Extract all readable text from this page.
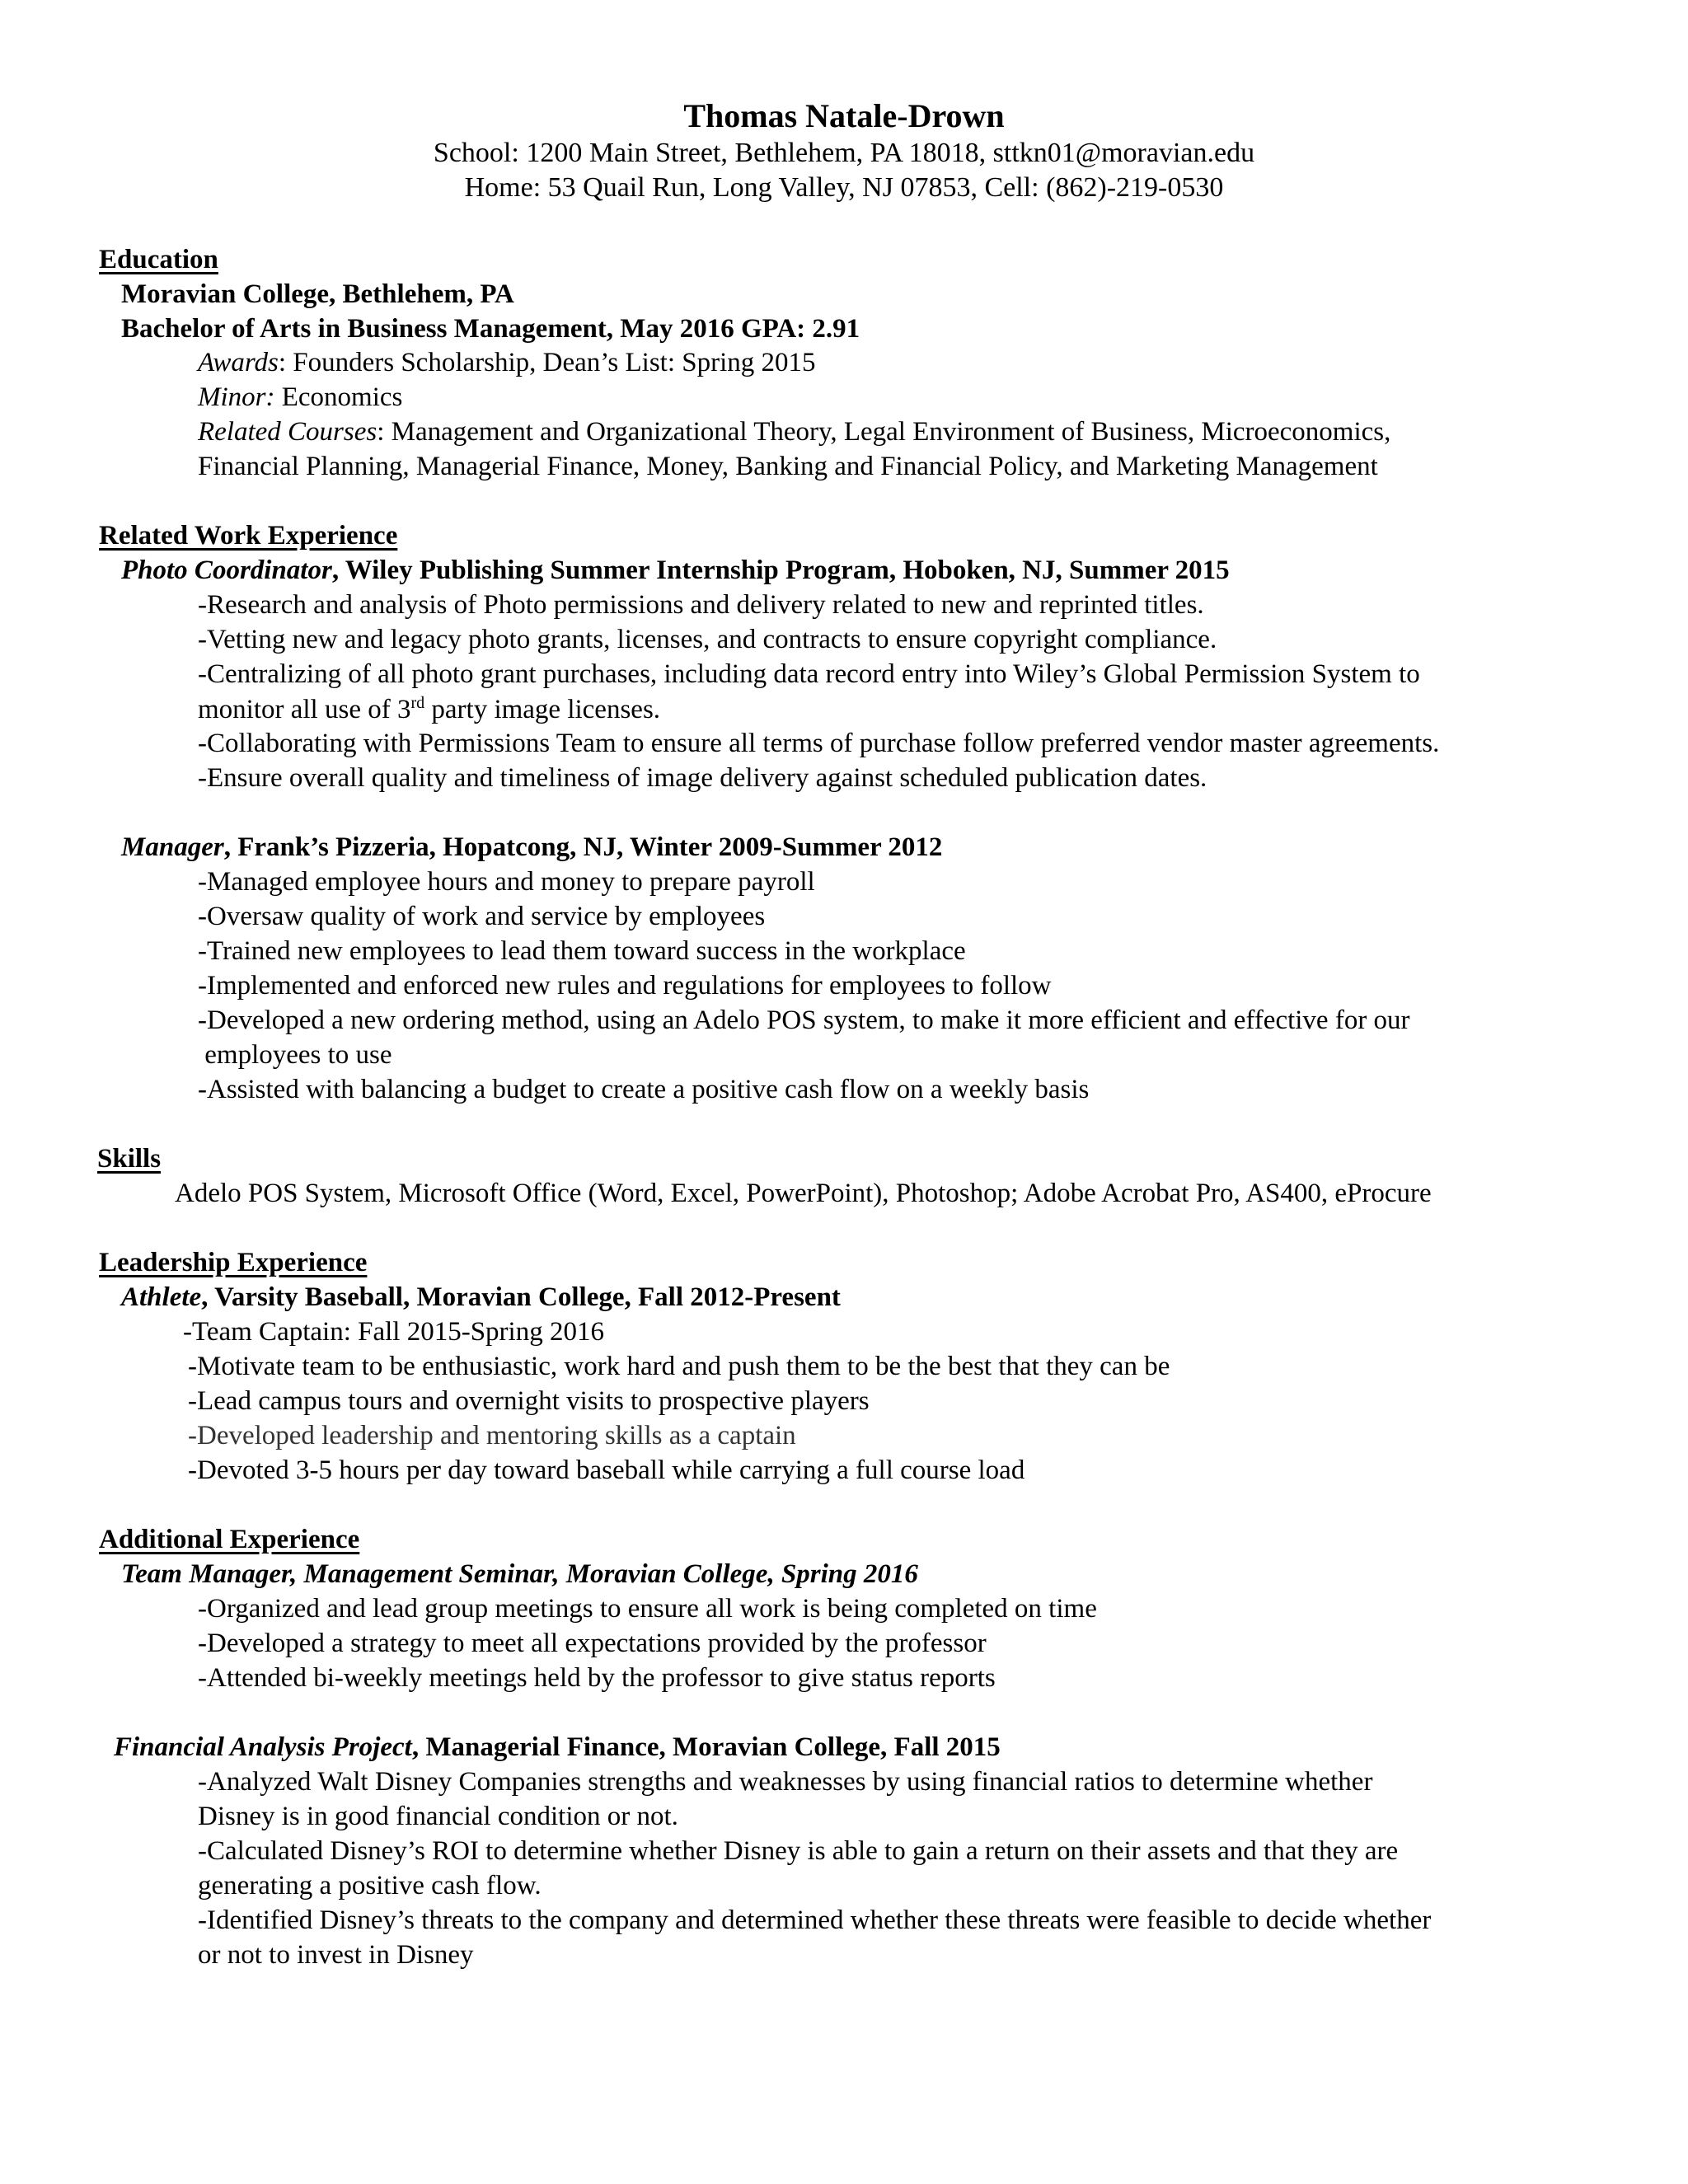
Thomas Natale-Drown
School: 1200 Main Street, Bethlehem, PA 18018, sttkn01@moravian.edu
Home: 53 Quail Run, Long Valley, NJ 07853, Cell: (862)-219-0530
Education
Moravian College, Bethlehem, PA
Bachelor of Arts in Business Management, May 2016 GPA: 2.91
Awards: Founders Scholarship, Dean’s List: Spring 2015
Minor: Economics
Related Courses: Management and Organizational Theory, Legal Environment of Business, Microeconomics,
Financial Planning, Managerial Finance, Money, Banking and Financial Policy, and Marketing Management
Related Work Experience
Photo Coordinator, Wiley Publishing Summer Internship Program, Hoboken, NJ, Summer 2015
-Research and analysis of Photo permissions and delivery related to new and reprinted titles.
-Vetting new and legacy photo grants, licenses, and contracts to ensure copyright compliance.
-Centralizing of all photo grant purchases, including data record entry into Wiley’s Global Permission System to
monitor all use of 3rd party image licenses.
-Collaborating with Permissions Team to ensure all terms of purchase follow preferred vendor master agreements.
-Ensure overall quality and timeliness of image delivery against scheduled publication dates.
Manager, Frank’s Pizzeria, Hopatcong, NJ, Winter 2009-Summer 2012
-Managed employee hours and money to prepare payroll
-Oversaw quality of work and service by employees
-Trained new employees to lead them toward success in the workplace
-Implemented and enforced new rules and regulations for employees to follow
-Developed a new ordering method, using an Adelo POS system, to make it more efficient and effective for our
employees to use
-Assisted with balancing a budget to create a positive cash flow on a weekly basis
Skills
Adelo POS System, Microsoft Office (Word, Excel, PowerPoint), Photoshop; Adobe Acrobat Pro, AS400, eProcure
Leadership Experience
Athlete, Varsity Baseball, Moravian College, Fall 2012-Present
-Team Captain: Fall 2015-Spring 2016
-Motivate team to be enthusiastic, work hard and push them to be the best that they can be
-Lead campus tours and overnight visits to prospective players
-Developed leadership and mentoring skills as a captain
-Devoted 3-5 hours per day toward baseball while carrying a full course load
Additional Experience
Team Manager, Management Seminar, Moravian College, Spring 2016
-Organized and lead group meetings to ensure all work is being completed on time
-Developed a strategy to meet all expectations provided by the professor
-Attended bi-weekly meetings held by the professor to give status reports
Financial Analysis Project, Managerial Finance, Moravian College, Fall 2015
-Analyzed Walt Disney Companies strengths and weaknesses by using financial ratios to determine whether
Disney is in good financial condition or not.
-Calculated Disney’s ROI to determine whether Disney is able to gain a return on their assets and that they are
generating a positive cash flow.
-Identified Disney’s threats to the company and determined whether these threats were feasible to decide whether
or not to invest in Disney
